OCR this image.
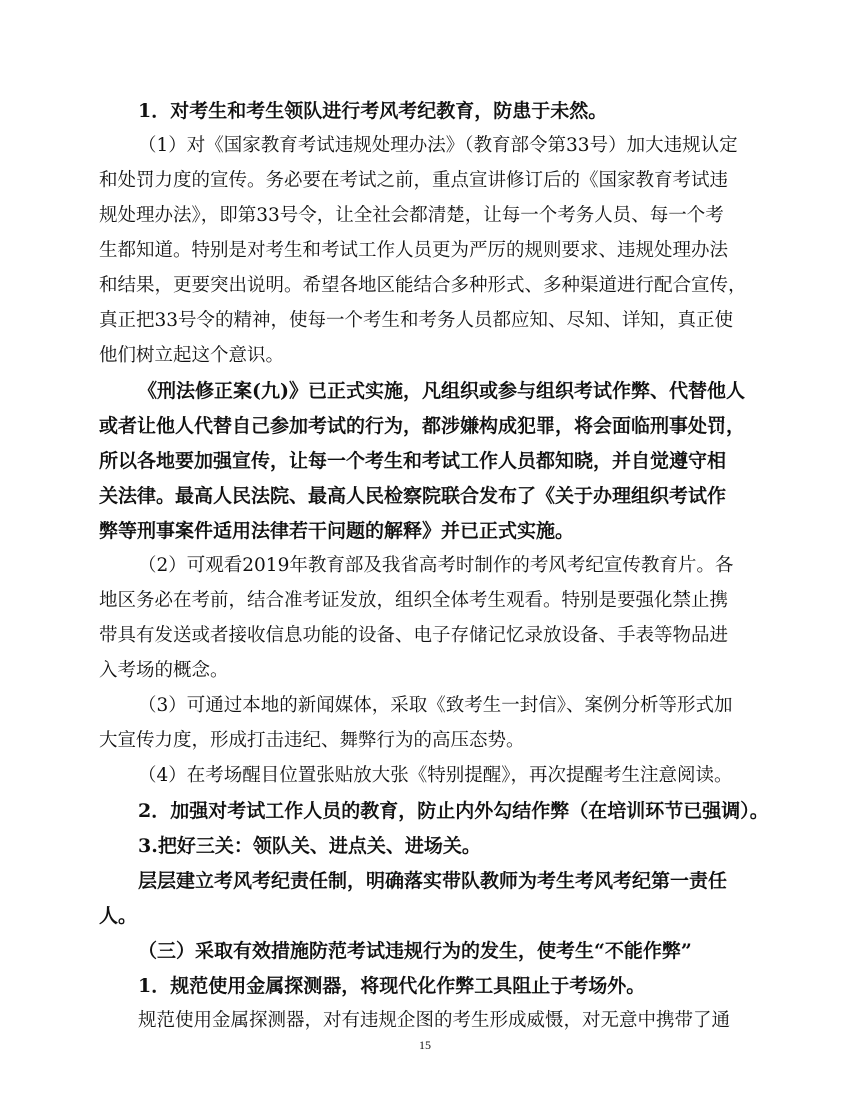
1．对考生和考生领队进行考风考纪教育，防患于未然。
（1）对《国家教育考试违规处理办法》（教育部令第33号）加大违规认定
和处罚力度的宣传。务必要在考试之前，重点宣讲修订后的《国家教育考试违
规处理办法》，即第33号令，让全社会都清楚，让每一个考务人员、每一个考
生都知道。特别是对考生和考试工作人员更为严厉的规则要求、违规处理办法
和结果，更要突出说明。希望各地区能结合多种形式、多种渠道进行配合宣传，
真正把33号令的精神，使每一个考生和考务人员都应知、尽知、详知，真正使
他们树立起这个意识。
《刑法修正案(九)》已正式实施，凡组织或参与组织考试作弊、代替他人
或者让他人代替自己参加考试的行为，都涉嫌构成犯罪，将会面临刑事处罚，
所以各地要加强宣传，让每一个考生和考试工作人员都知晓，并自觉遵守相
关法律。最高人民法院、最高人民检察院联合发布了《关于办理组织考试作
弊等刑事案件适用法律若干问题的解释》并已正式实施。
（2）可观看2019年教育部及我省高考时制作的考风考纪宣传教育片。各
地区务必在考前，结合准考证发放，组织全体考生观看。特别是要强化禁止携
带具有发送或者接收信息功能的设备、电子存储记忆录放设备、手表等物品进
入考场的概念。
（3）可通过本地的新闻媒体，采取《致考生一封信》、案例分析等形式加
大宣传力度，形成打击违纪、舞弊行为的高压态势。
（4）在考场醒目位置张贴放大张《特别提醒》，再次提醒考生注意阅读。
2．加强对考试工作人员的教育，防止内外勾结作弊（在培训环节已强调）。
3.把好三关：领队关、进点关、进场关。
层层建立考风考纪责任制，明确落实带队教师为考生考风考纪第一责任
人。
（三）采取有效措施防范考试违规行为的发生，使考生“不能作弊”
1．规范使用金属探测器，将现代化作弊工具阻止于考场外。
规范使用金属探测器，对有违规企图的考生形成威慑，对无意中携带了通
15
